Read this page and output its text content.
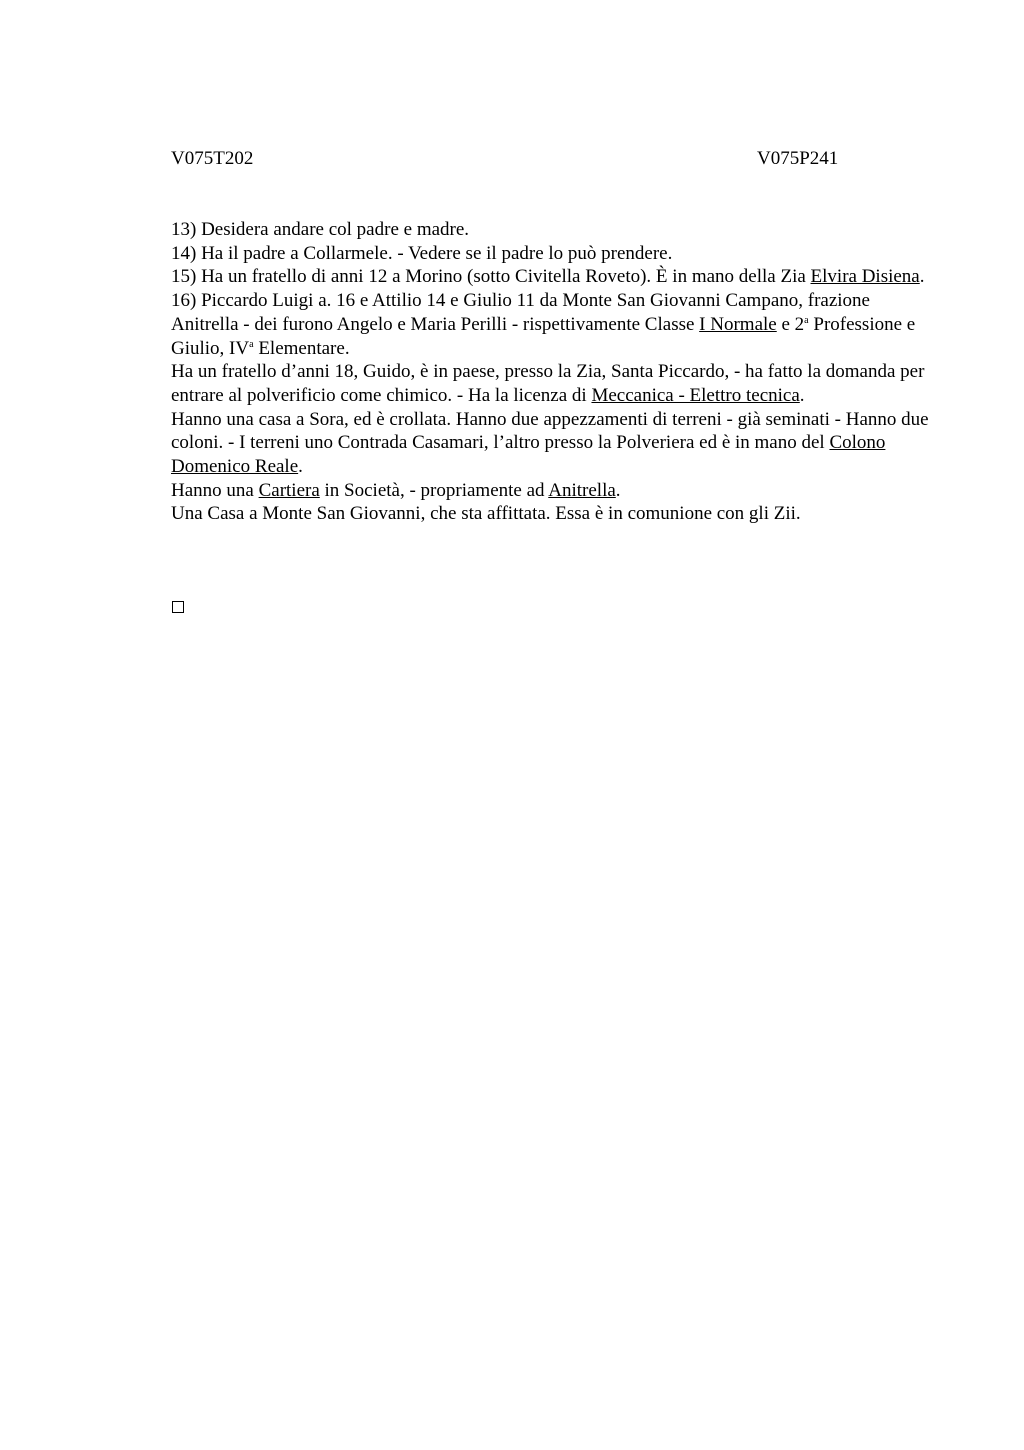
V075T202	V075P241

13) Desidera andare col padre e madre.

14) Ha il padre a Collarmele. - Vedere se il padre lo può prendere.

15) Ha un fratello di anni 12 a Morino (sotto Civitella Roveto). È in mano della Zia Elvira Disiena.

16) Piccardo Luigi a. 16 e Attilio 14 e Giulio 11 da Monte San Giovanni Campano, frazione Anitrella - dei furono Angelo e Maria Perilli - rispettivamente Classe I Normale e 2$^a$ Professione e Giulio, $IV^a$ Elementare.

Ha un fratello d’anni 18, Guido, è in paese, presso la Zia, Santa Piccardo, - ha fatto la domanda per entrare al polverificio come chimico. - Ha la licenza di Meccanica - Elettro tecnica.

Hanno una casa a Sora, ed è crollata. Hanno due appezzamenti di terreni - già seminati - Hanno due coloni. - I terreni uno Contrada Casamari, l’altro presso la Polveriera ed è in mano del Colono Domenico Reale.

Hanno una Cartiera in Società, - propriamente ad Anitrella.

Una Casa a Monte San Giovanni, che sta affittata. Essa è in comunione con gli Zii.
